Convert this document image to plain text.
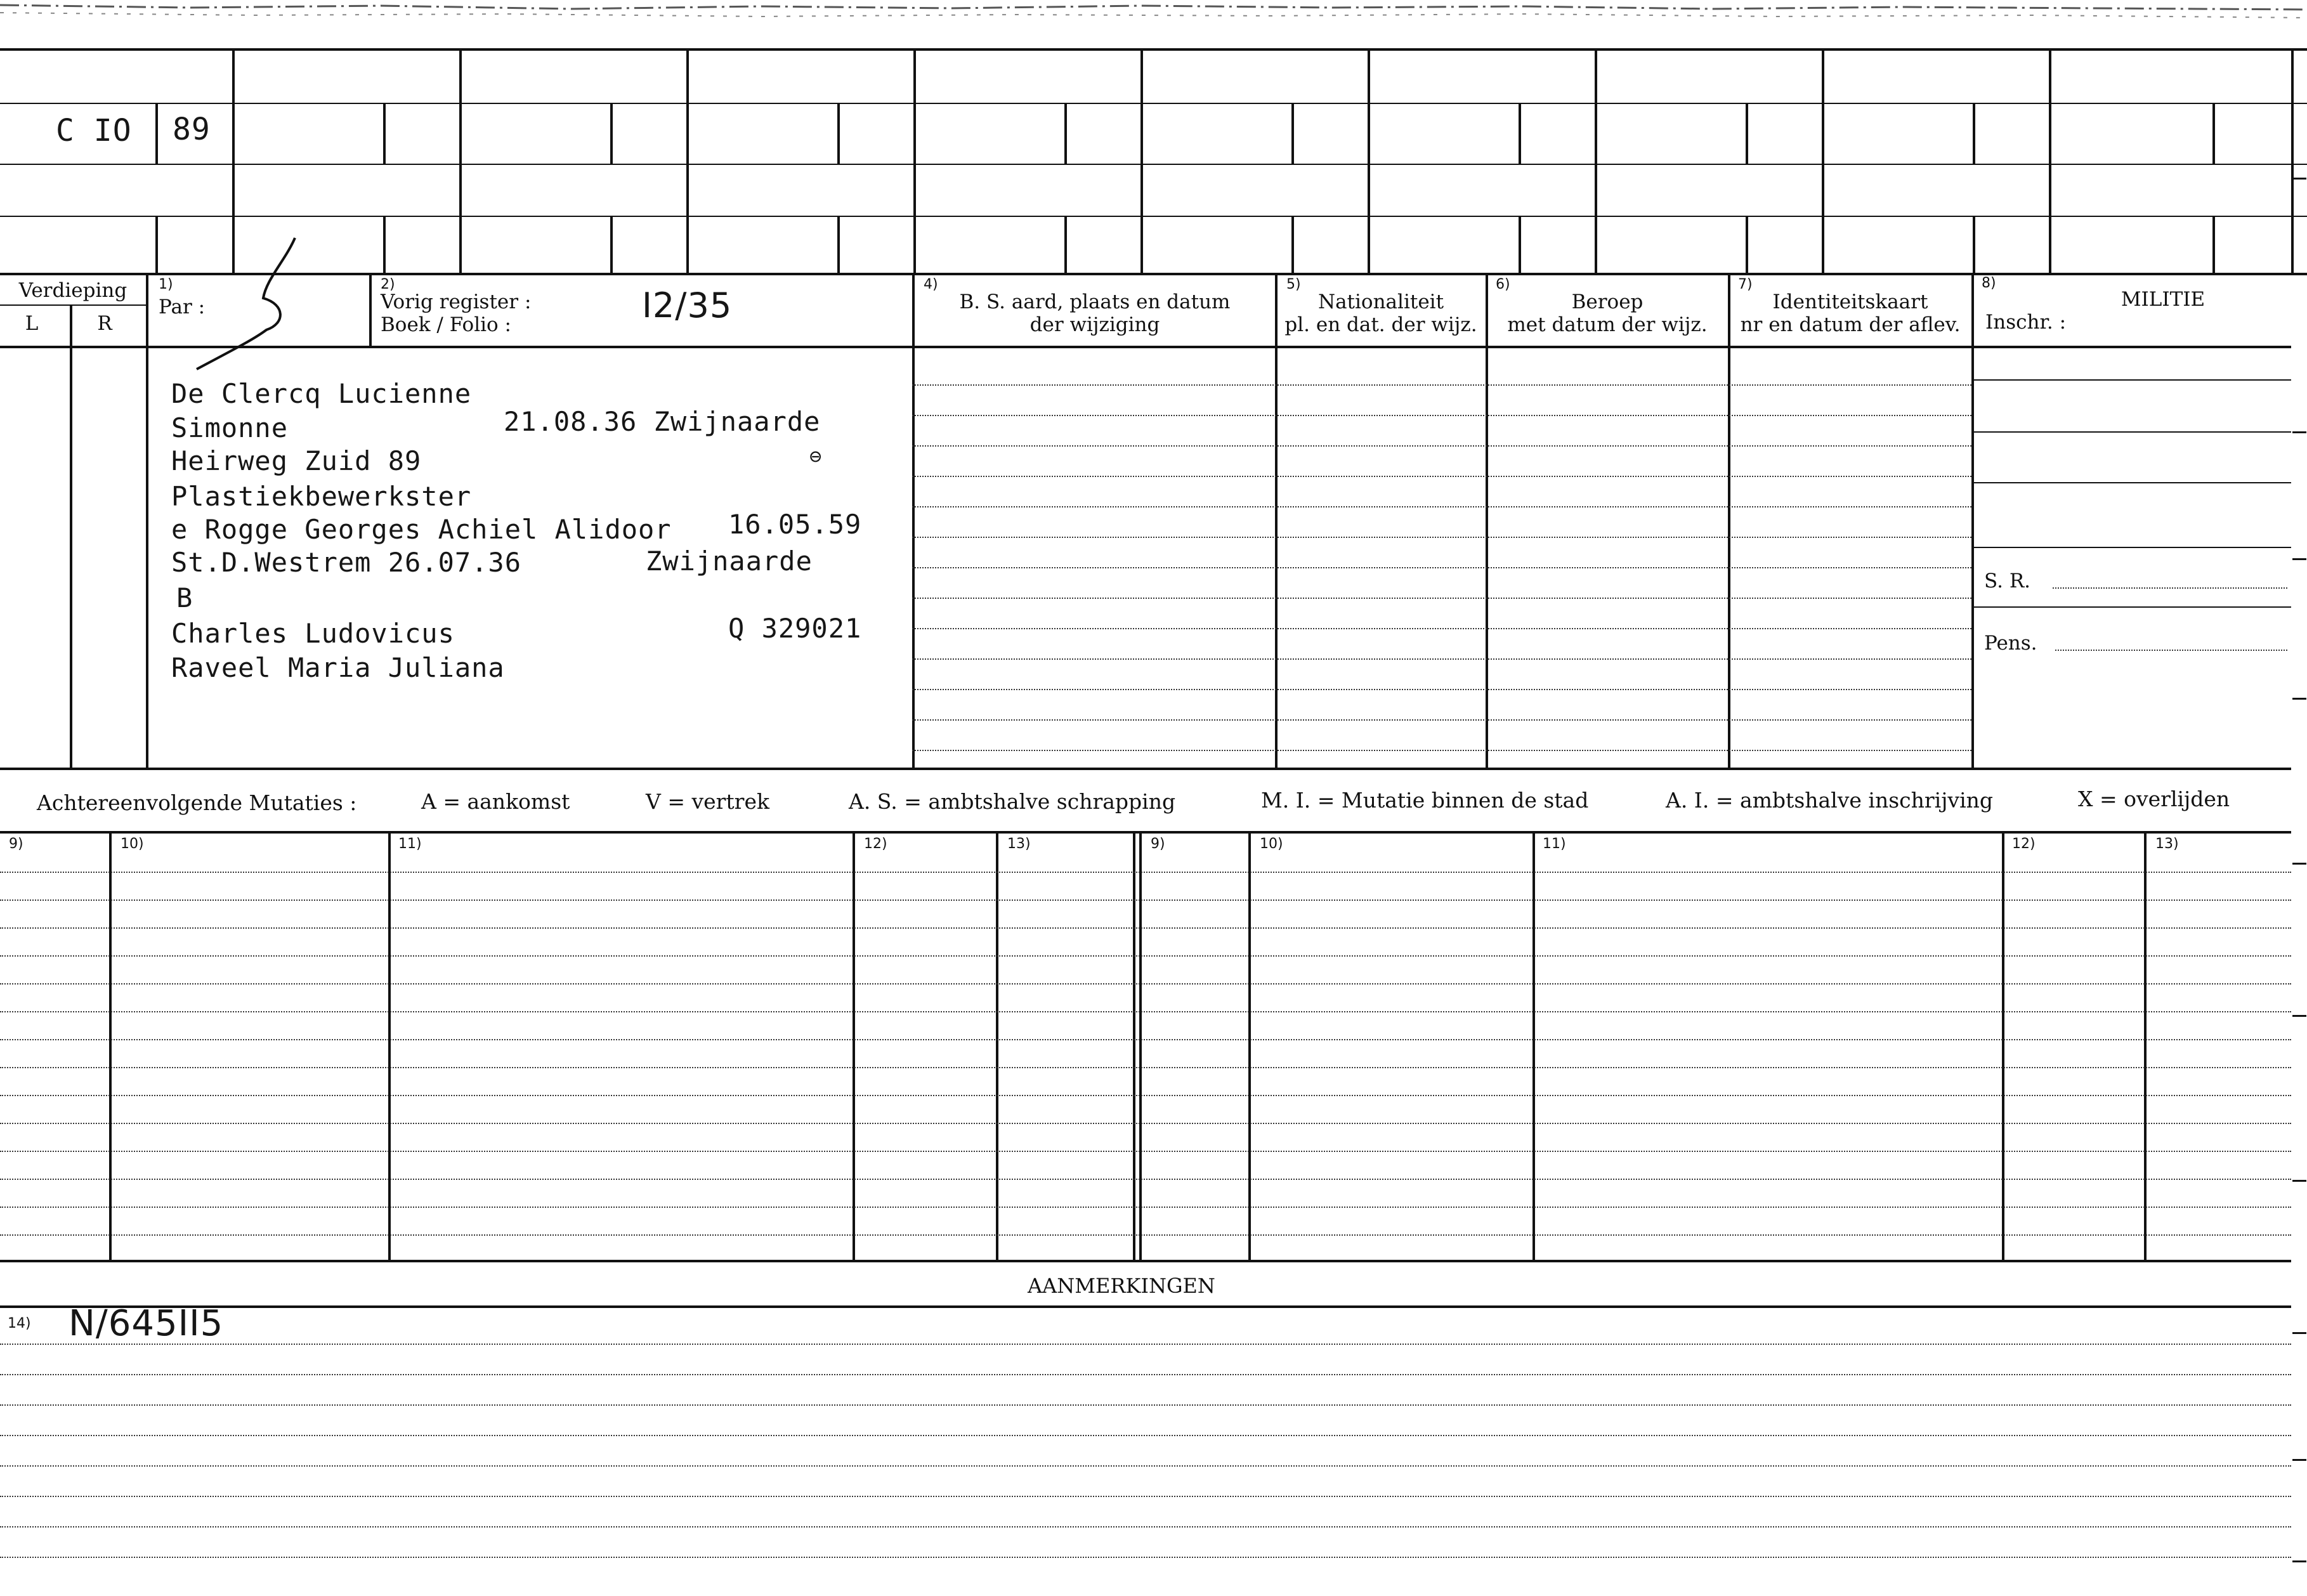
C IO 89
Verdieping
L	R
1)
Par :
2)
Vorig register :
Boek / Folio :	I2/35
4)
B. S. aard, plaats en datum
der wijziging
5)
Nationaliteit
pl. en dat. der wijz.
6)
Beroep
met datum der wijz.
7)
Identiteitskaart
nr en datum der aflev.
8)
MILITIE
Inschr. :
S. R.
Pens.
De Clercq Lucienne
Simonne	21.08.36 Zwijnaarde
Heirweg Zuid 89	⊖
Plastiekbewerkster
e Rogge Georges Achiel Alidoor 16.05.59
St.D.Westrem 26.07.36	Zwijnaarde
B
Charles Ludovicus	Q 329021
Raveel Maria Juliana
Achtereenvolgende Mutaties :	A = aankomst	V = vertrek	A. S. = ambtshalve schrapping	M. I. = Mutatie binnen de stad	A. I. = ambtshalve inschrijving	X = overlijden
9)	10)	11)	12)	13)	9)	10)	11)	12)	13)
AANMERKINGEN
14) N/645II5
